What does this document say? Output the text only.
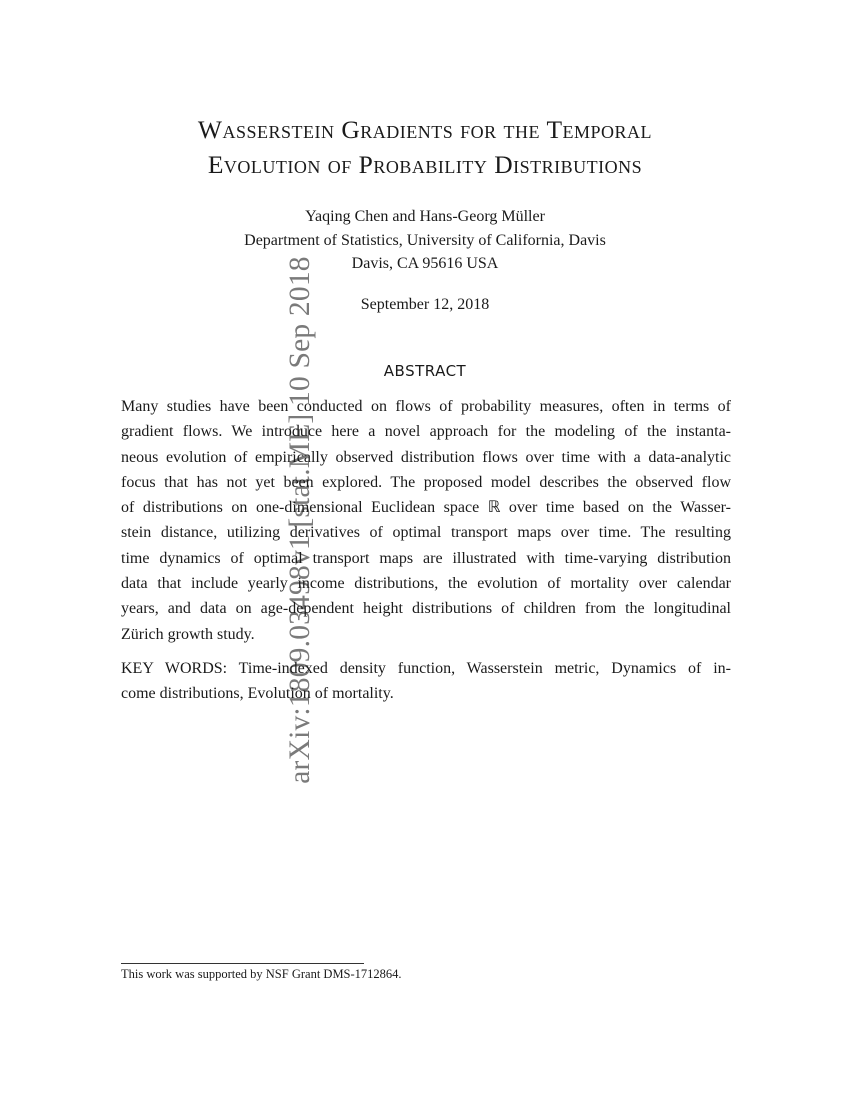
arXiv:1809.03498v1 [stat.ME] 10 Sep 2018
Wasserstein Gradients for the Temporal
Evolution of Probability Distributions
Yaqing Chen and Hans-Georg Müller
Department of Statistics, University of California, Davis
Davis, CA 95616 USA
September 12, 2018
ABSTRACT

Many studies have been conducted on flows of probability measures, often in terms of
gradient flows. We introduce here a novel approach for the modeling of the instanta-
neous evolution of empirically observed distribution flows over time with a data-analytic
focus that has not yet been explored. The proposed model describes the observed flow
of distributions on one-dimensional Euclidean space ℝ over time based on the Wasser-
stein distance, utilizing derivatives of optimal transport maps over time. The resulting
time dynamics of optimal transport maps are illustrated with time-varying distribution
data that include yearly income distributions, the evolution of mortality over calendar
years, and data on age-dependent height distributions of children from the longitudinal
Zürich growth study.

KEY WORDS: Time-indexed density function, Wasserstein metric, Dynamics of in-
come distributions, Evolution of mortality.

This work was supported by NSF Grant DMS-1712864.
